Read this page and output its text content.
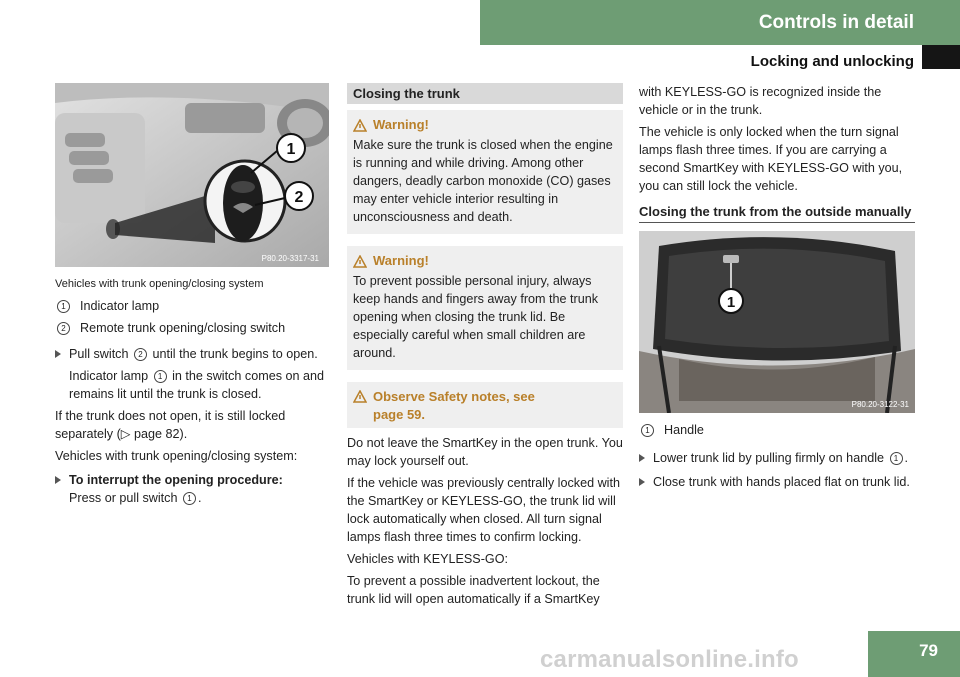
Controls in detail
Locking and unlocking
1
2
P80.20-3317-31
Vehicles with trunk opening/closing system
1	Indicator lamp
2	Remote trunk opening/closing switch
Pull switch 2 until the trunk begins to open.
Indicator lamp 1 in the switch comes on and remains lit until the trunk is closed.

If the trunk does not open, it is still locked separately (▷ page 82).

Vehicles with trunk opening/closing system:

To interrupt the opening procedure:
Press or pull switch 1 .
Closing the trunk
Warning!
Make sure the trunk is closed when the engine is running and while driving. Among other dangers, deadly carbon monoxide (CO) gases may enter vehicle interior resulting in unconsciousness and death.
Warning!
To prevent possible personal injury, always keep hands and fingers away from the trunk opening when closing the trunk lid. Be especially careful when small children are around.
Observe Safety notes, see page 59.

Do not leave the SmartKey in the open trunk. You may lock yourself out.

If the vehicle was previously centrally locked with the SmartKey or KEYLESS-GO, the trunk lid will lock automatically when closed. All turn signal lamps flash three times to confirm locking.

Vehicles with KEYLESS-GO:

To prevent a possible inadvertent lockout, the trunk lid will open automatically if a SmartKey

with KEYLESS-GO is recognized inside the vehicle or in the trunk.

The vehicle is only locked when the turn signal lamps flash three times. If you are carrying a second SmartKey with KEYLESS-GO with you, you can still lock the vehicle.

Closing the trunk from the outside manually
1
P80.20-3122-31
1	Handle
Lower trunk lid by pulling firmly on handle 1 .
Close trunk with hands placed flat on trunk lid.
carmanualsonline.info	79
